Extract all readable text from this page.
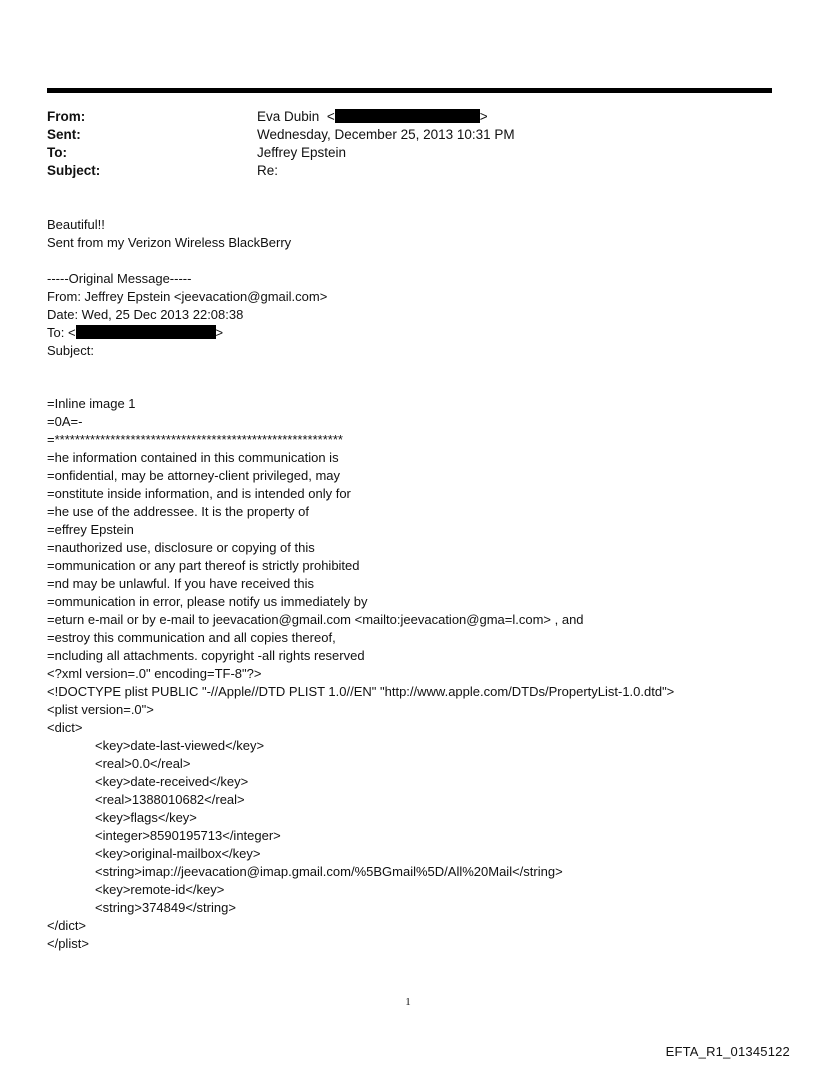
From:	Eva Dubin <	>
Sent:	Wednesday, December 25, 2013 10:31 PM
To:	Jeffrey Epstein
Subject:	Re:
Beautiful!!
Sent from my Verizon Wireless BlackBerry
-----Original Message-----
From: Jeffrey Epstein <jeevacation@gmail.com>
Date: Wed, 25 Dec 2013 22:08:38
To: <	>
Subject:
=Inline image 1
=0A=-
=*********************************************************
=he information contained in this communication is
=onfidential, may be attorney-client privileged, may
=onstitute inside information, and is intended only for
=he use of the addressee. It is the property of
=effrey Epstein
=nauthorized use, disclosure or copying of this
=ommunication or any part thereof is strictly prohibited
=nd may be unlawful. If you have received this
=ommunication in error, please notify us immediately by
=eturn e-mail or by e-mail to jeevacation@gmail.com <mailto:jeevacation@gma=l.com> , and
=estroy this communication and all copies thereof,
=ncluding all attachments. copyright -all rights reserved
<?xml version=.0" encoding=TF-8"?>
<!DOCTYPE plist PUBLIC "-//Apple//DTD PLIST 1.0//EN" "http://www.apple.com/DTDs/PropertyList-1.0.dtd">
<plist version=.0">
<dict>
<key>date-last-viewed</key>
<real>0.0</real>
<key>date-received</key>
<real>1388010682</real>
<key>flags</key>
<integer>8590195713</integer>
<key>original-mailbox</key>
<string>imap://jeevacation@imap.gmail.com/%5BGmail%5D/All%20Mail</string>
<key>remote-id</key>
<string>374849</string>
</dict>
</plist>
1
EFTA_R1_01345122
